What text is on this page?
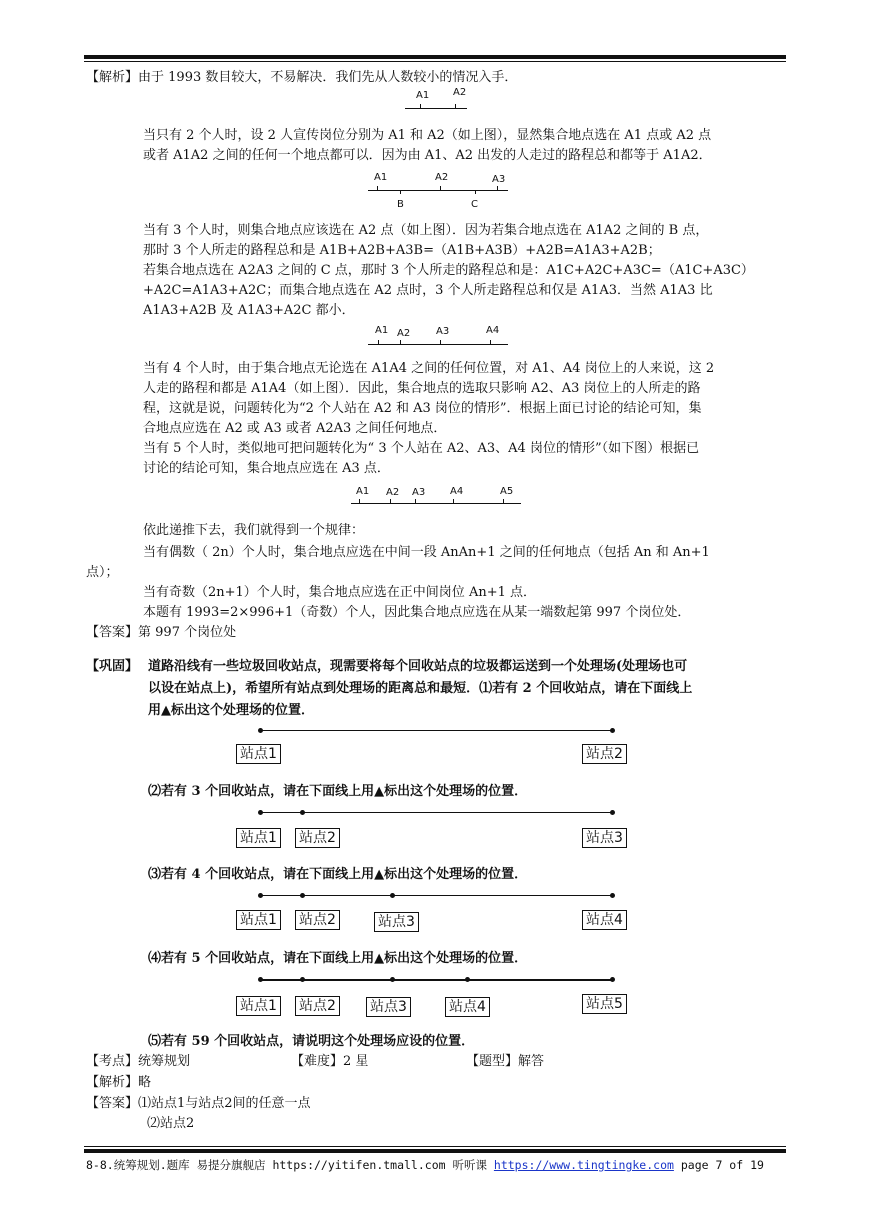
【解析】由于 1993 数目较大，不易解决．我们先从人数较小的情况入手．
A1 A2
当只有 2 个人时，设 2 人宣传岗位分别为 A1 和 A2（如上图），显然集合地点选在 A1 点或 A2 点
或者 A1A2 之间的任何一个地点都可以．因为由 A1、A2 出发的人走过的路程总和都等于 A1A2．
A1	A2	A3
B	C
当有 3 个人时，则集合地点应该选在 A2 点（如上图）．因为若集合地点选在 A1A2 之间的 B 点，
那时 3 个人所走的路程总和是 A1B+A2B+A3B=（A1B+A3B）+A2B=A1A3+A2B；
若集合地点选在 A2A3 之间的 C 点，那时 3 个人所走的路程总和是：A1C+A2C+A3C=（A1C+A3C）
+A2C=A1A3+A2C；而集合地点选在 A2 点时，3 个人所走路程总和仅是 A1A3．当然 A1A3 比
A1A3+A2B 及 A1A3+A2C 都小．
A1 A2	A3	A4
当有 4 个人时，由于集合地点无论选在 A1A4 之间的任何位置，对 A1、A4 岗位上的人来说，这 2
人走的路程和都是 A1A4（如上图）．因此，集合地点的选取只影响 A2、A3 岗位上的人所走的路
程，这就是说，问题转化为“2 个人站在 A2 和 A3 岗位的情形”．根据上面已讨论的结论可知，集
合地点应选在 A2 或 A3 或者 A2A3 之间任何地点．
当有 5 个人时，类似地可把问题转化为“ 3 个人站在 A2、A3、A4 岗位的情形”（如下图）根据已
讨论的结论可知，集合地点应选在 A3 点．
A1 A2 A3 A4	A5
依此递推下去，我们就得到一个规律：
当有偶数（ 2n）个人时，集合地点应选在中间一段 AnAn+1 之间的任何地点（包括 An 和 An+1
点）；
当有奇数（2n+1）个人时，集合地点应选在正中间岗位 An+1 点．
本题有 1993=2×996+1（奇数）个人，因此集合地点应选在从某一端数起第 997 个岗位处．
【答案】第 997 个岗位处
【巩固】 道路沿线有一些垃圾回收站点，现需要将每个回收站点的垃圾都运送到一个处理场(处理场也可
以设在站点上)，希望所有站点到处理场的距离总和最短．⑴若有 2 个回收站点，请在下面线上
用▲标出这个处理场的位置．
站点1	站点2
⑵若有 3 个回收站点，请在下面线上用▲标出这个处理场的位置．
站点1 站点2	站点3
⑶若有 4 个回收站点，请在下面线上用▲标出这个处理场的位置．
站点1 站点2	站点3	站点4
⑷若有 5 个回收站点，请在下面线上用▲标出这个处理场的位置．
站点1 站点2 站点3	站点4	站点5
⑸若有 59 个回收站点，请说明这个处理场应设的位置．
【考点】统筹规划	【难度】2 星	【题型】解答
【解析】略
【答案】⑴站点1与站点2间的任意一点
⑵站点2
8-8.统筹规划.题库 易提分旗舰店 https://yitifen.tmall.com 听听课 https://www.tingtingke.com page 7 of 19
